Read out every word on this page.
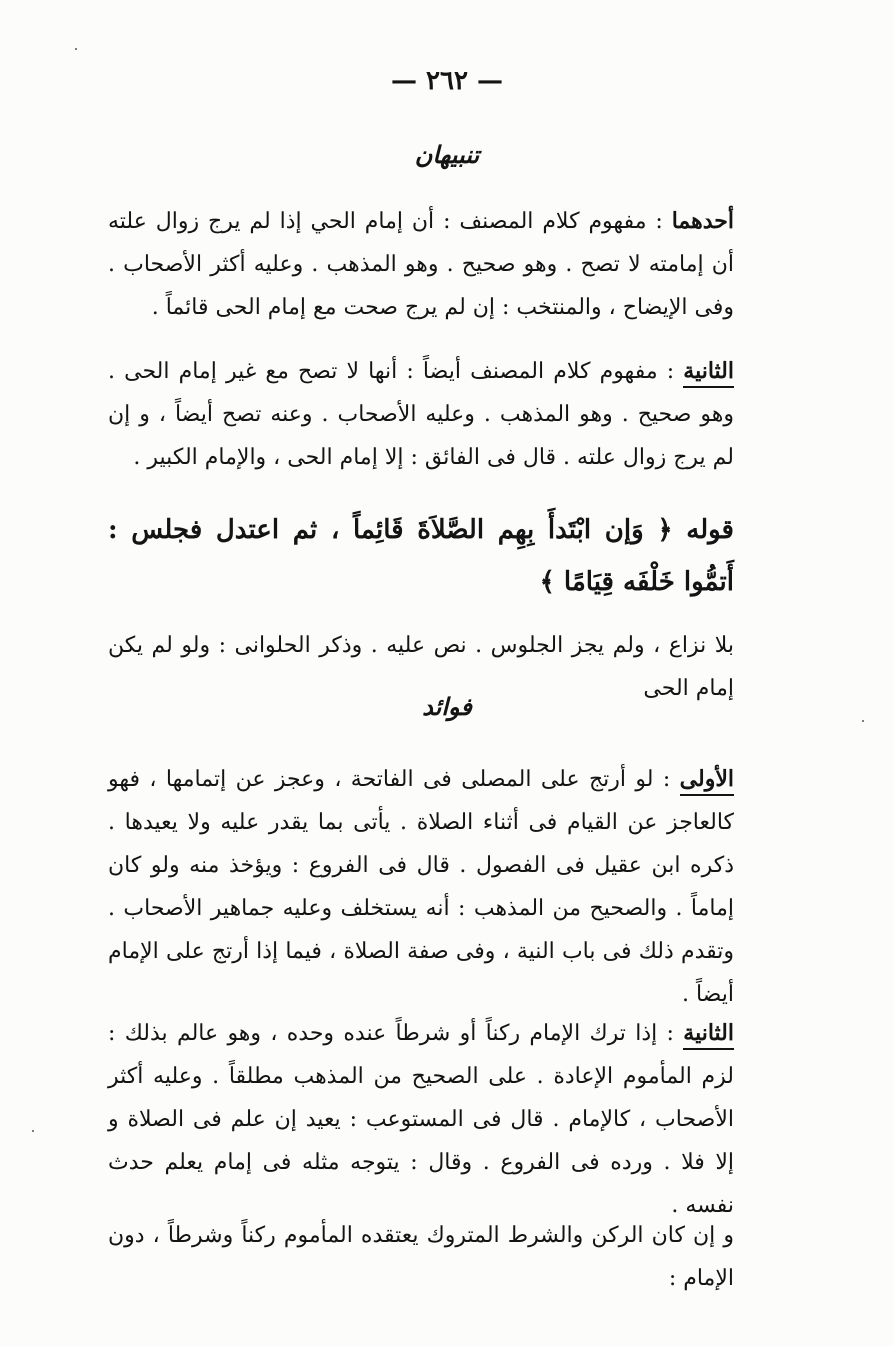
— ٢٦٢ —
تنبيهان
أحدهما : مفهوم كلام المصنف : أن إمام الحي إذا لم يرج زوال علته أن إمامته لا تصح . وهو صحيح . وهو المذهب . وعليه أكثر الأصحاب . وفى الإيضاح ، والمنتخب : إن لم يرج صحت مع إمام الحى قائماً .
الثانية : مفهوم كلام المصنف أيضاً : أنها لا تصح مع غير إمام الحى . وهو صحيح . وهو المذهب . وعليه الأصحاب . وعنه تصح أيضاً ، و إن لم يرج زوال علته . قال فى الفائق : إلا إمام الحى ، والإمام الكبير .
قوله ﴿ وَإن ابْتَدأَ بِهِم الصَّلاَةَ قَائِماً ، ثم اعتدل فجلس : أَتمُّوا خَلْفَه قِيَامًا ﴾
بلا نزاع ، ولم يجز الجلوس . نص عليه . وذكر الحلوانى : ولو لم يكن إمام الحى
فوائد
الأولى : لو أرتج على المصلى فى الفاتحة ، وعجز عن إتمامها ، فهو كالعاجز عن القيام فى أثناء الصلاة . يأتى بما يقدر عليه ولا يعيدها . ذكره ابن عقيل فى الفصول . قال فى الفروع : ويؤخذ منه ولو كان إماماً . والصحيح من المذهب : أنه يستخلف وعليه جماهير الأصحاب . وتقدم ذلك فى باب النية ، وفى صفة الصلاة ، فيما إذا أرتج على الإمام أيضاً .
الثانية : إذا ترك الإمام ركناً أو شرطاً عنده وحده ، وهو عالم بذلك : لزم المأموم الإعادة . على الصحيح من المذهب مطلقاً . وعليه أكثر الأصحاب ، كالإمام . قال فى المستوعب : يعيد إن علم فى الصلاة و إلا فلا . ورده فى الفروع . وقال : يتوجه مثله فى إمام يعلم حدث نفسه .
و إن كان الركن والشرط المتروك يعتقده المأموم ركناً وشرطاً ، دون الإمام :
